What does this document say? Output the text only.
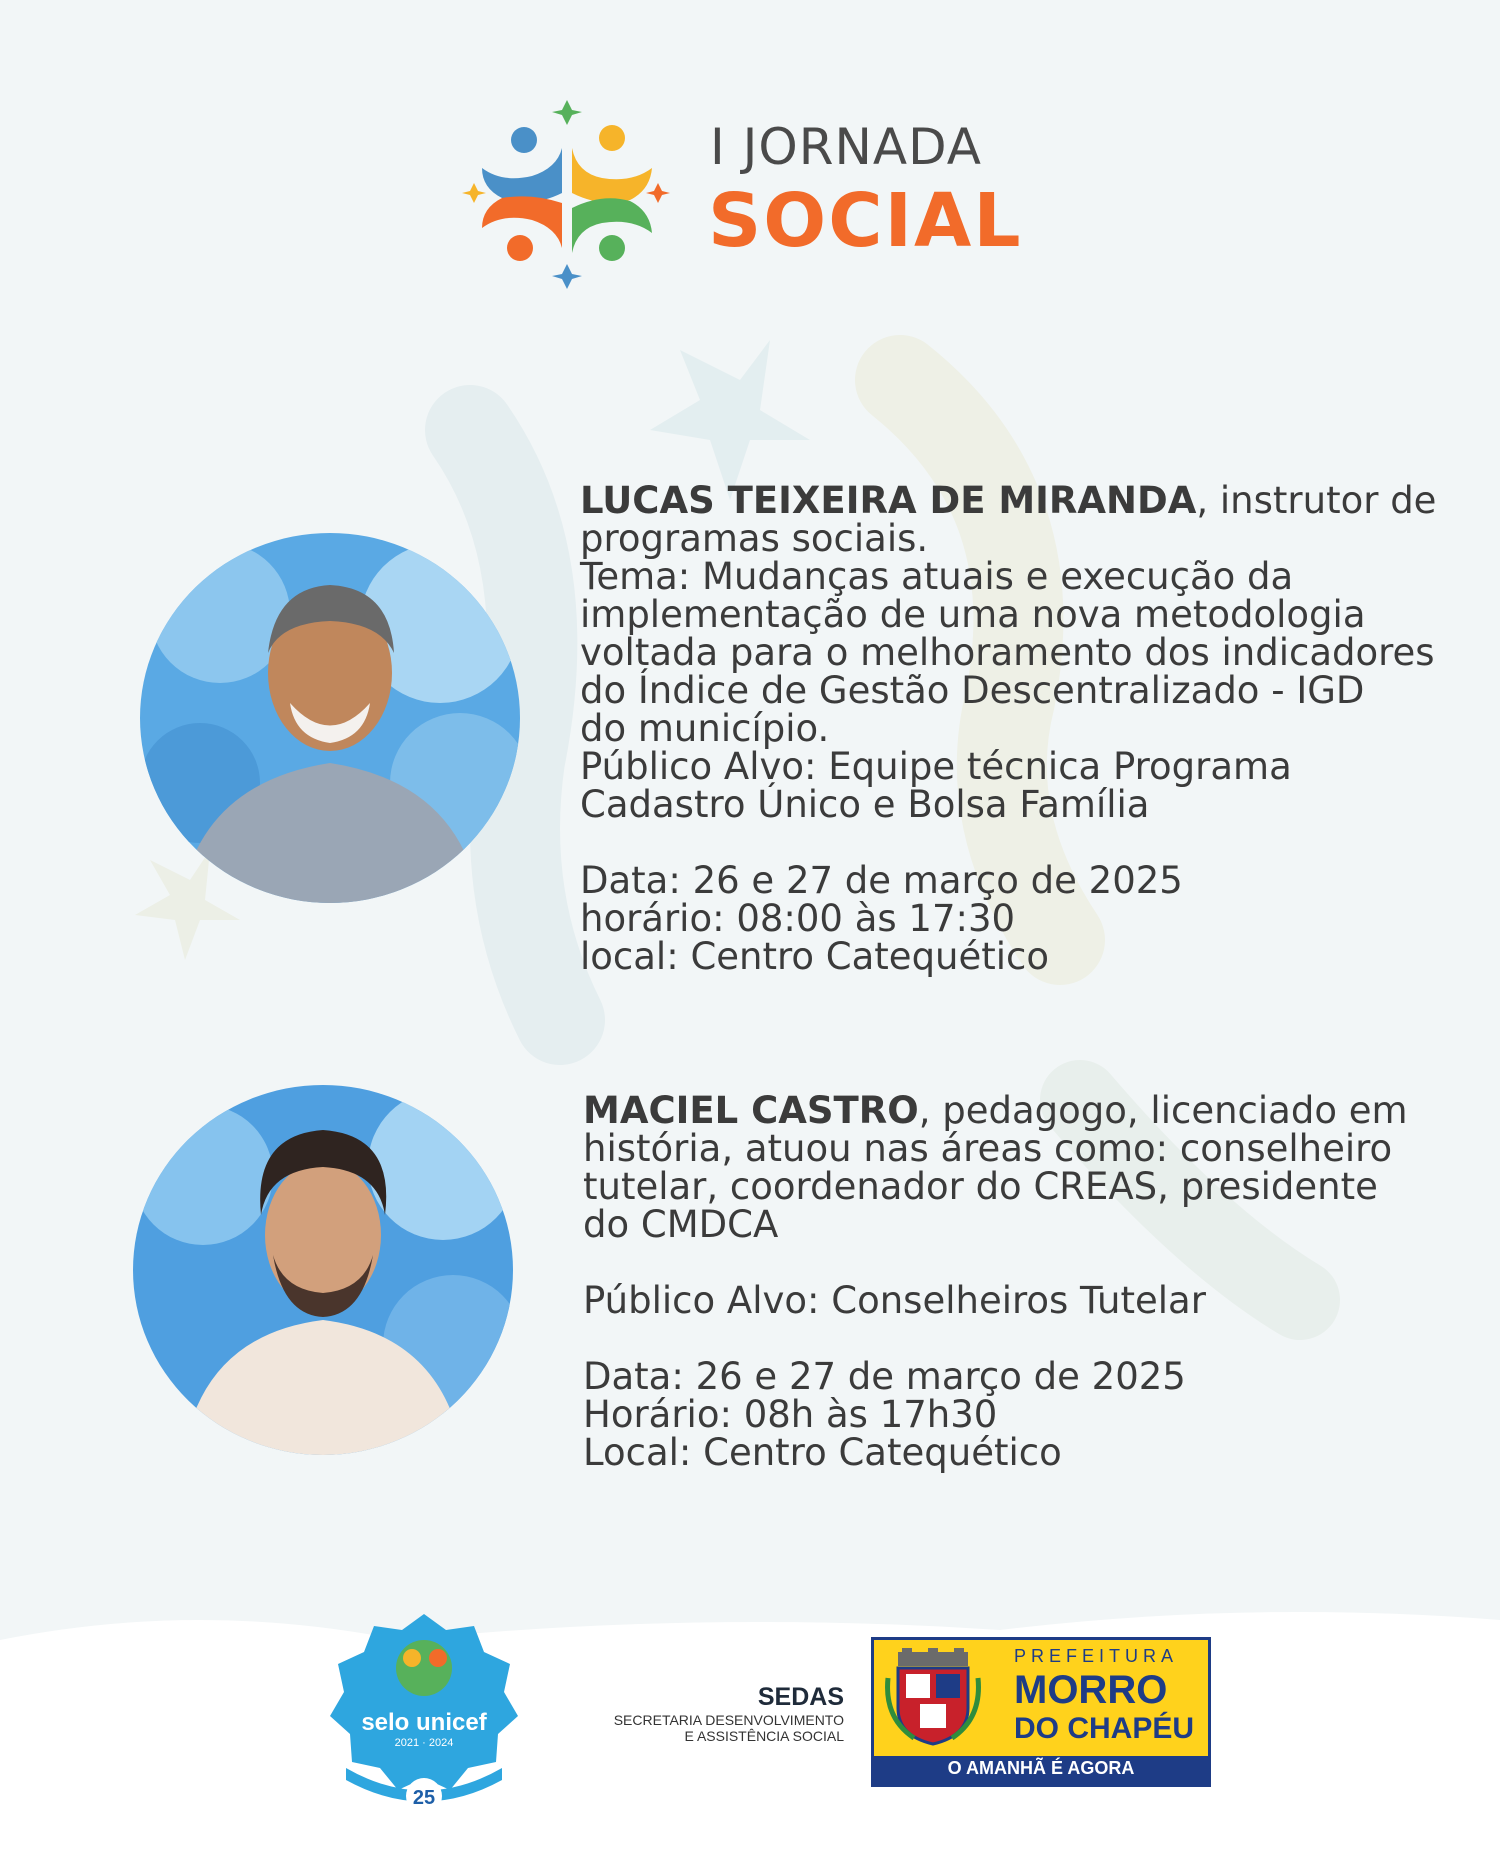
I JORNADA
SOCIAL
LUCAS TEIXEIRA DE MIRANDA, instrutor de
programas sociais.
Tema: Mudanças atuais e execução da
implementação de uma nova metodologia
voltada para o melhoramento dos indicadores
do Índice de Gestão Descentralizado - IGD
do município.
Público Alvo: Equipe técnica Programa
Cadastro Único e Bolsa Família
Data: 26 e 27 de março de 2025
horário: 08:00 às 17:30
local: Centro Catequético
MACIEL CASTRO, pedagogo, licenciado em
história, atuou nas áreas como: conselheiro
tutelar, coordenador do CREAS, presidente
do CMDCA
Público Alvo: Conselheiros Tutelar
Data: 26 e 27 de março de 2025
Horário: 08h às 17h30
Local: Centro Catequético
selo unicef
2021 · 2024
25
SEDAS
SECRETARIA DESENVOLVIMENTO
E ASSISTÊNCIA SOCIAL
PREFEITURA
MORRO
DO CHAPÉU
O AMANHÃ É AGORA
